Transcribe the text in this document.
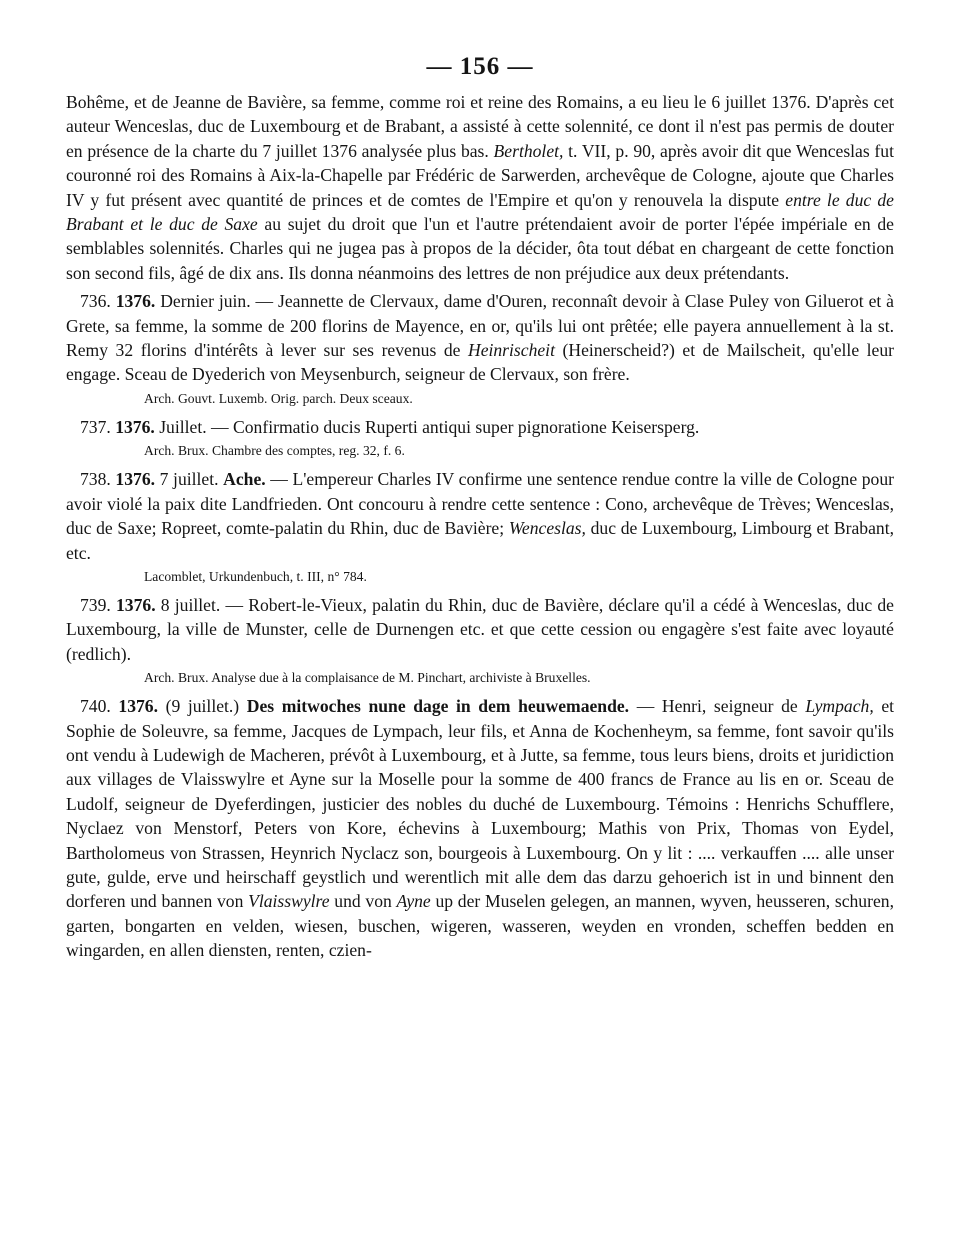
— 156 —

Bohême, et de Jeanne de Bavière, sa femme, comme roi et reine des Romains, a eu lieu le 6 juillet 1376. D'après cet auteur Wenceslas, duc de Luxembourg et de Brabant, a assisté à cette solennité, ce dont il n'est pas permis de douter en présence de la charte du 7 juillet 1376 analysée plus bas. Bertholet, t. VII, p. 90, après avoir dit que Wenceslas fut couronné roi des Romains à Aix-la-Chapelle par Frédéric de Sarwerden, archevêque de Cologne, ajoute que Charles IV y fut présent avec quantité de princes et de comtes de l'Empire et qu'on y renouvela la dispute entre le duc de Brabant et le duc de Saxe au sujet du droit que l'un et l'autre prétendaient avoir de porter l'épée impériale en de semblables solennités. Charles qui ne jugea pas à propos de la décider, ôta tout débat en chargeant de cette fonction son second fils, âgé de dix ans. Ils donna néanmoins des lettres de non préjudice aux deux prétendants.

736. 1376. Dernier juin. — Jeannette de Clervaux, dame d'Ouren, reconnaît devoir à Clase Puley von Giluerot et à Grete, sa femme, la somme de 200 florins de Mayence, en or, qu'ils lui ont prêtée; elle payera annuellement à la st. Remy 32 florins d'intérêts à lever sur ses revenus de Heinrischeit (Heinerscheid?) et de Mailscheit, qu'elle leur engage. Sceau de Dyederich von Meysenburch, seigneur de Clervaux, son frère.

Arch. Gouvt. Luxemb. Orig. parch. Deux sceaux.

737. 1376. Juillet. — Confirmatio ducis Ruperti antiqui super pignoratione Keisersperg.

Arch. Brux. Chambre des comptes, reg. 32, f. 6.

738. 1376. 7 juillet. Ache. — L'empereur Charles IV confirme une sentence rendue contre la ville de Cologne pour avoir violé la paix dite Landfrieden. Ont concouru à rendre cette sentence : Cono, archevêque de Trèves; Wenceslas, duc de Saxe; Ropreet, comte-palatin du Rhin, duc de Bavière; Wenceslas, duc de Luxembourg, Limbourg et Brabant, etc.

Lacomblet, Urkundenbuch, t. III, n° 784.

739. 1376. 8 juillet. — Robert-le-Vieux, palatin du Rhin, duc de Bavière, déclare qu'il a cédé à Wenceslas, duc de Luxembourg, la ville de Munster, celle de Durnengen etc. et que cette cession ou engagère s'est faite avec loyauté (redlich).

Arch. Brux. Analyse due à la complaisance de M. Pinchart, archiviste à Bruxelles.

740. 1376. (9 juillet.) Des mitwoches nune dage in dem heuwemaende. — Henri, seigneur de Lympach, et Sophie de Soleuvre, sa femme, Jacques de Lympach, leur fils, et Anna de Kochenheym, sa femme, font savoir qu'ils ont vendu à Ludewigh de Macheren, prévôt à Luxembourg, et à Jutte, sa femme, tous leurs biens, droits et juridiction aux villages de Vlaisswylre et Ayne sur la Moselle pour la somme de 400 francs de France au lis en or. Sceau de Ludolf, seigneur de Dyeferdingen, justicier des nobles du duché de Luxembourg. Témoins : Henrichs Schufflere, Nyclaez von Menstorf, Peters von Kore, échevins à Luxembourg; Mathis von Prix, Thomas von Eydel, Bartholomeus von Strassen, Heynrich Nyclacz son, bourgeois à Luxembourg. On y lit : .... verkauffen .... alle unser gute, gulde, erve und heirschaff geystlich und werentlich mit alle dem das darzu gehoerich ist in und binnent den dorferen und bannen von Vlaisswylre und von Ayne up der Muselen gelegen, an mannen, wyven, heusseren, schuren, garten, bongarten en velden, wiesen, buschen, wigeren, wasseren, weyden en vronden, scheffen bedden en wingarden, en allen diensten, renten, czien-
